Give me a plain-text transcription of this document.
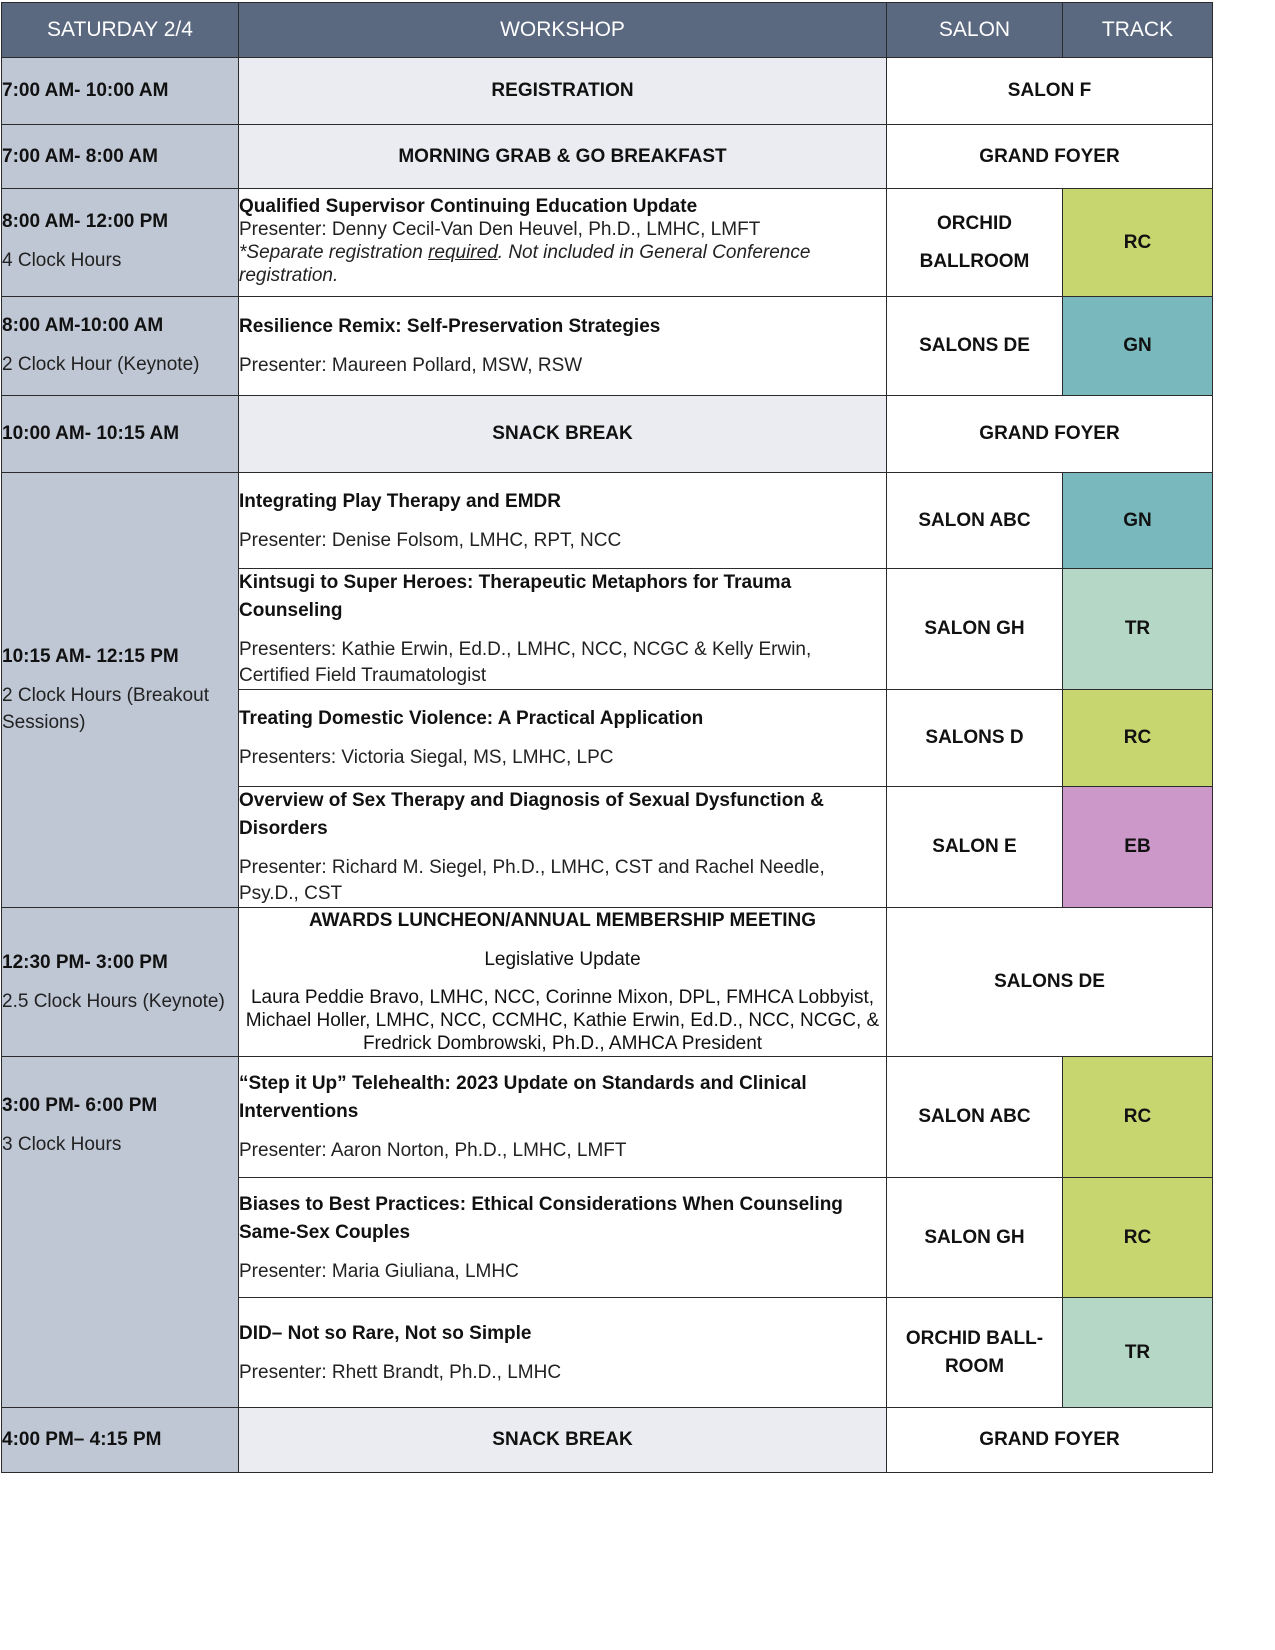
SATURDAY 2/4	WORKSHOP	SALON	TRACK

7:00 AM- 10:00 AM	REGISTRATION	SALON F	

7:00 AM- 8:00 AM	MORNING GRAB & GO BREAKFAST	GRAND FOYER	

8:00 AM- 12:00 PM
4 Clock Hours	Qualified Supervisor Continuing Education Update
Presenter: Denny Cecil-Van Den Heuvel, Ph.D., LMHC, LMFT
*Separate registration required. Not included in General Conference registration.	ORCHID
BALLROOM	RC

8:00 AM-10:00 AM
2 Clock Hour (Keynote)	Resilience Remix: Self-Preservation Strategies
Presenter: Maureen Pollard, MSW, RSW	SALONS DE	GN

10:00 AM- 10:15 AM	SNACK BREAK	GRAND FOYER	

10:15 AM- 12:15 PM
2 Clock Hours (Breakout Sessions)	Integrating Play Therapy and EMDR
Presenter: Denise Folsom, LMHC, RPT, NCC	SALON ABC	GN

	Kintsugi to Super Heroes: Therapeutic Metaphors for Trauma Counseling
Presenters: Kathie Erwin, Ed.D., LMHC, NCC, NCGC & Kelly Erwin, Certified Field Traumatologist	SALON GH	TR

	Treating Domestic Violence: A Practical Application
Presenters: Victoria Siegal, MS, LMHC, LPC	SALONS D	RC

	Overview of Sex Therapy and Diagnosis of Sexual Dysfunction & Disorders
Presenter: Richard M. Siegel, Ph.D., LMHC, CST and Rachel Needle, Psy.D., CST	SALON E	EB

12:30 PM- 3:00 PM
2.5 Clock Hours (Keynote)	AWARDS LUNCHEON/ANNUAL MEMBERSHIP MEETING
Legislative Update
Laura Peddie Bravo, LMHC, NCC, Corinne Mixon, DPL, FMHCA Lobbyist, Michael Holler, LMHC, NCC, CCMHC, Kathie Erwin, Ed.D., NCC, NCGC, & Fredrick Dombrowski, Ph.D., AMHCA President	SALONS DE	

3:00 PM- 6:00 PM
3 Clock Hours	“Step it Up” Telehealth: 2023 Update on Standards and Clinical Interventions
Presenter: Aaron Norton, Ph.D., LMHC, LMFT	SALON ABC	RC

	Biases to Best Practices: Ethical Considerations When Counseling Same-Sex Couples
Presenter: Maria Giuliana, LMHC	SALON GH	RC

	DID– Not so Rare, Not so Simple
Presenter: Rhett Brandt, Ph.D., LMHC	ORCHID BALL-
ROOM	TR

4:00 PM– 4:15 PM	SNACK BREAK	GRAND FOYER	
